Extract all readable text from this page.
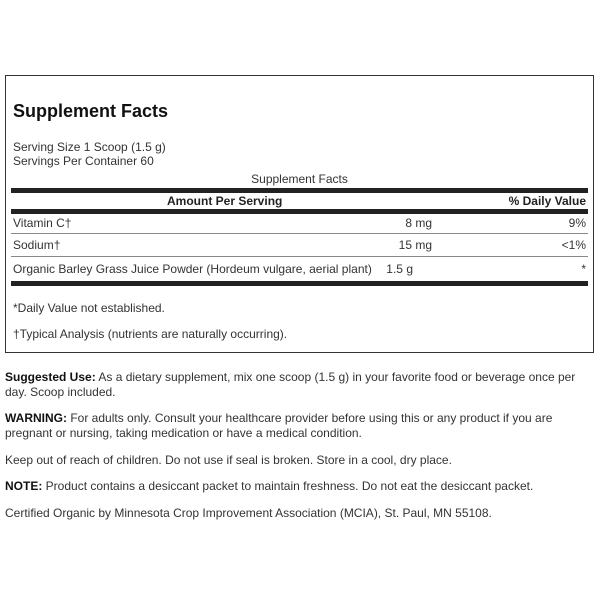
Supplement Facts
Serving Size 1 Scoop (1.5 g)
Servings Per Container 60
Supplement Facts
Amount Per Serving	% Daily Value
Vitamin C†	8 mg	9%
Sodium†	15 mg	<1%
Organic Barley Grass Juice Powder (Hordeum vulgare, aerial plant) 1.5 g	*
*Daily Value not established.
†Typical Analysis (nutrients are naturally occurring).
Suggested Use: As a dietary supplement, mix one scoop (1.5 g) in your favorite food or beverage once per day. Scoop included.
WARNING: For adults only. Consult your healthcare provider before using this or any product if you are pregnant or nursing, taking medication or have a medical condition.
Keep out of reach of children. Do not use if seal is broken. Store in a cool, dry place.
NOTE: Product contains a desiccant packet to maintain freshness. Do not eat the desiccant packet.
Certified Organic by Minnesota Crop Improvement Association (MCIA), St. Paul, MN 55108.
